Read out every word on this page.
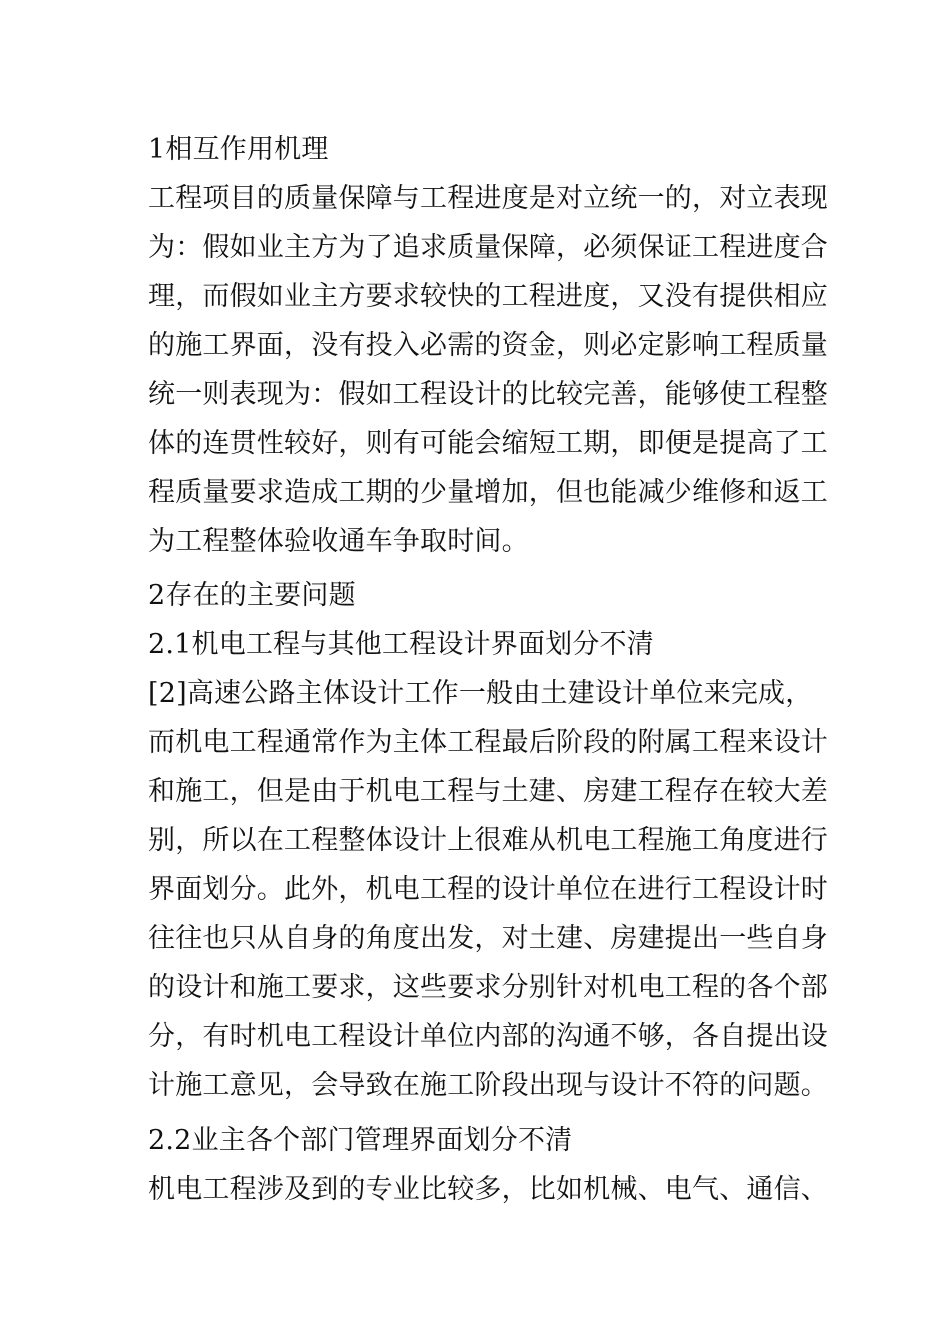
1相互作用机理
工程项目的质量保障与工程进度是对立统一的，对立表现
为：假如业主方为了追求质量保障，必须保证工程进度合
理，而假如业主方要求较快的工程进度，又没有提供相应
的施工界面，没有投入必需的资金，则必定影响工程质量
统一则表现为：假如工程设计的比较完善，能够使工程整
体的连贯性较好，则有可能会缩短工期，即便是提高了工
程质量要求造成工期的少量增加，但也能减少维修和返工
为工程整体验收通车争取时间。
2存在的主要问题
2.1机电工程与其他工程设计界面划分不清
[2]高速公路主体设计工作一般由土建设计单位来完成，
而机电工程通常作为主体工程最后阶段的附属工程来设计
和施工，但是由于机电工程与土建、房建工程存在较大差
别，所以在工程整体设计上很难从机电工程施工角度进行
界面划分。此外，机电工程的设计单位在进行工程设计时
往往也只从自身的角度出发，对土建、房建提出一些自身
的设计和施工要求，这些要求分别针对机电工程的各个部
分，有时机电工程设计单位内部的沟通不够，各自提出设
计施工意见，会导致在施工阶段出现与设计不符的问题。
2.2业主各个部门管理界面划分不清
机电工程涉及到的专业比较多，比如机械、电气、通信、
